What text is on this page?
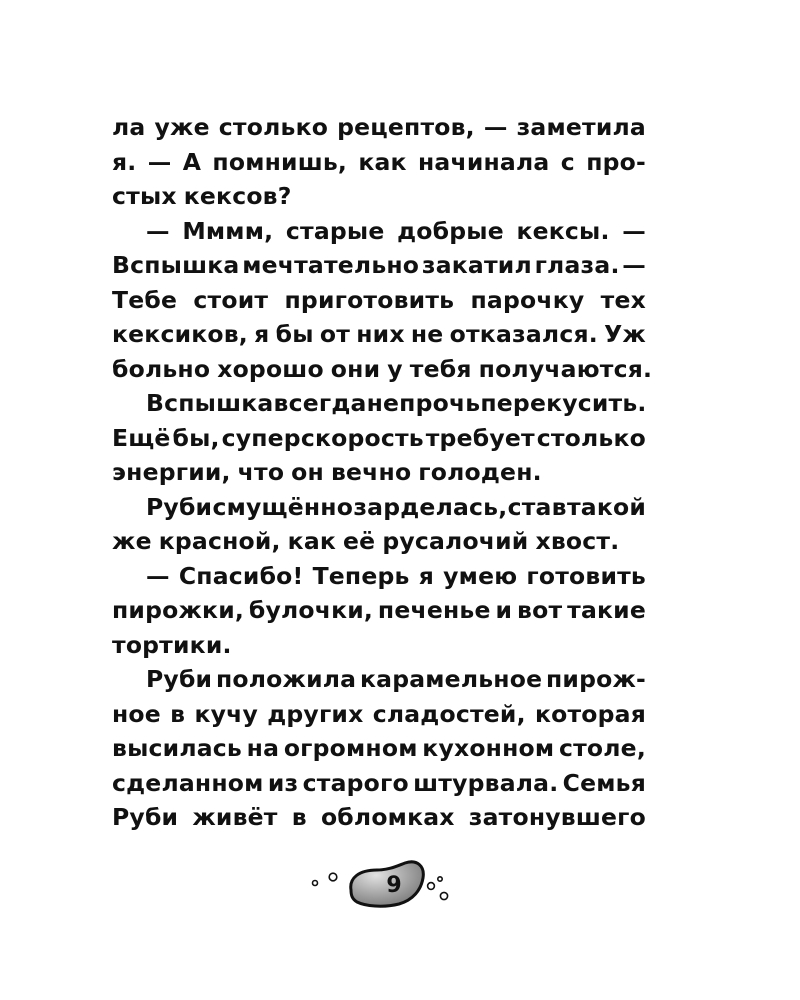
ла уже столько рецептов, — заметила
я. — А помнишь, как начинала с про-
стых кексов?
— Мммм, старые добрые кексы. —
Вспышка мечтательно закатил глаза. —
Тебе стоит приготовить парочку тех
кексиков, я бы от них не отказался. Уж
больно хорошо они у тебя получаются.
Вспышка всегда не прочь перекусить.
Ещё бы, суперскорость требует столько
энергии, что он вечно голоден.
Руби смущённо зарделась, став такой
же красной, как её русалочий хвост.
— Спасибо! Теперь я умею готовить
пирожки, булочки, печенье и вот такие
тортики.
Руби положила карамельное пирож-
ное в кучу других сладостей, которая
высилась на огромном кухонном столе,
сделанном из старого штурвала. Семья
Руби живёт в обломках затонувшего
9
